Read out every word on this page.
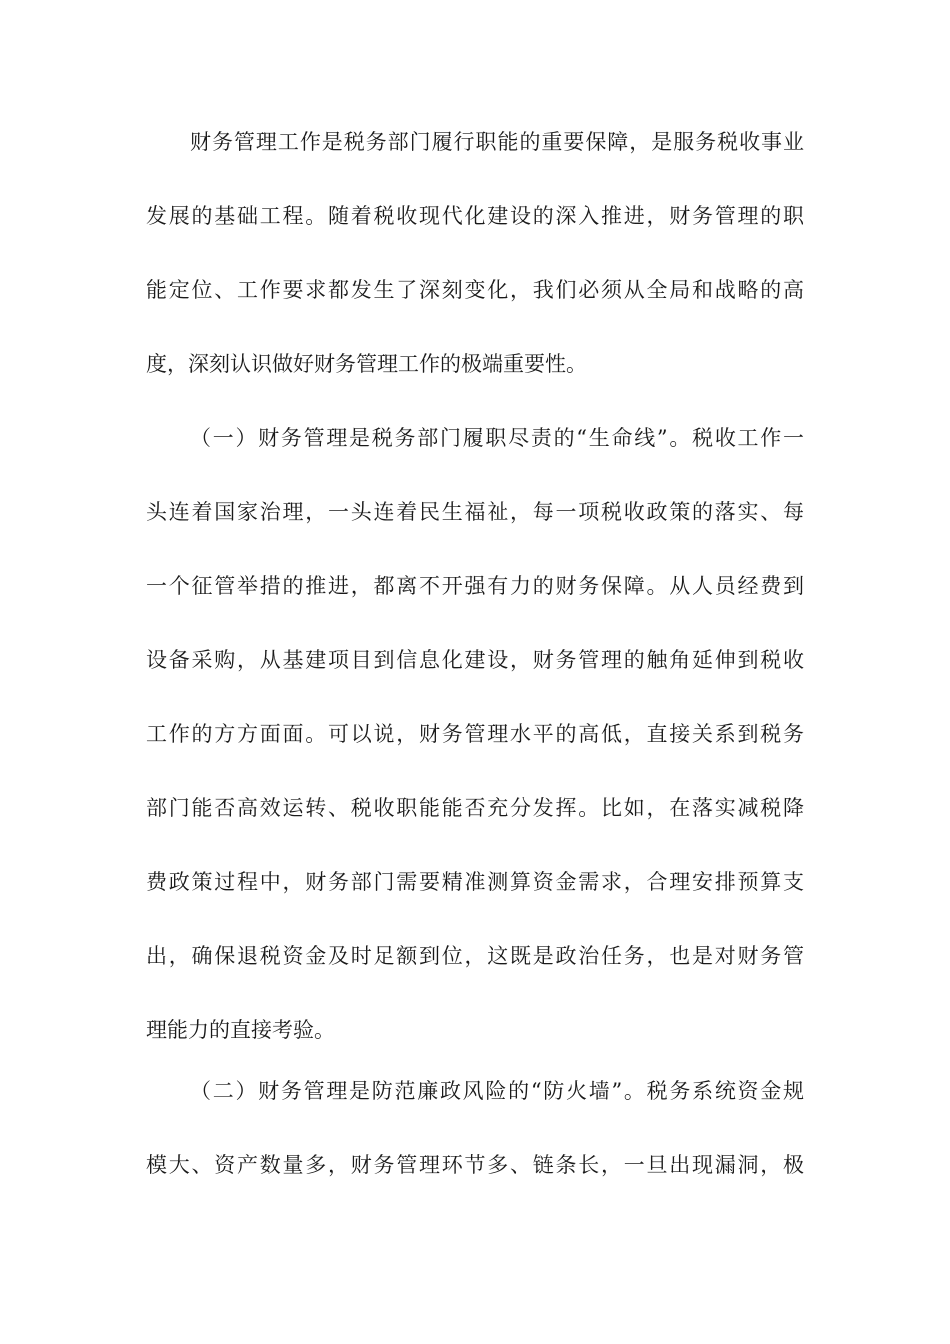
财务管理工作是税务部门履行职能的重要保障，是服务税收事业
发展的基础工程。随着税收现代化建设的深入推进，财务管理的职
能定位、工作要求都发生了深刻变化，我们必须从全局和战略的高
度，深刻认识做好财务管理工作的极端重要性。
（一）财务管理是税务部门履职尽责的“生命线”。税收工作一
头连着国家治理，一头连着民生福祉，每一项税收政策的落实、每
一个征管举措的推进，都离不开强有力的财务保障。从人员经费到
设备采购，从基建项目到信息化建设，财务管理的触角延伸到税收
工作的方方面面。可以说，财务管理水平的高低，直接关系到税务
部门能否高效运转、税收职能能否充分发挥。比如，在落实减税降
费政策过程中，财务部门需要精准测算资金需求，合理安排预算支
出，确保退税资金及时足额到位，这既是政治任务，也是对财务管
理能力的直接考验。
（二）财务管理是防范廉政风险的“防火墙”。税务系统资金规
模大、资产数量多，财务管理环节多、链条长，一旦出现漏洞，极
